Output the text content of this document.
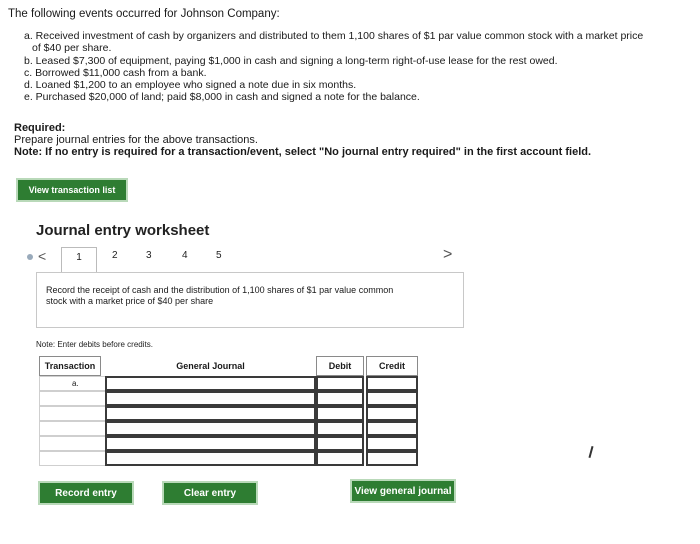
The following events occurred for Johnson Company:
a. Received investment of cash by organizers and distributed to them 1,100 shares of $1 par value common stock with a market price of $40 per share.
b. Leased $7,300 of equipment, paying $1,000 in cash and signing a long-term right-of-use lease for the rest owed.
c. Borrowed $11,000 cash from a bank.
d. Loaned $1,200 to an employee who signed a note due in six months.
e. Purchased $20,000 of land; paid $8,000 in cash and signed a note for the balance.
Required:
Prepare journal entries for the above transactions.
Note: If no entry is required for a transaction/event, select "No journal entry required" in the first account field.
View transaction list
Journal entry worksheet
<	1	2	3	4	5	>
Record the receipt of cash and the distribution of 1,100 shares of $1 par value common stock with a market price of $40 per share
Note: Enter debits before credits.
Transaction	General Journal	Debit	Credit
a.
Record entry	Clear entry	View general journal
